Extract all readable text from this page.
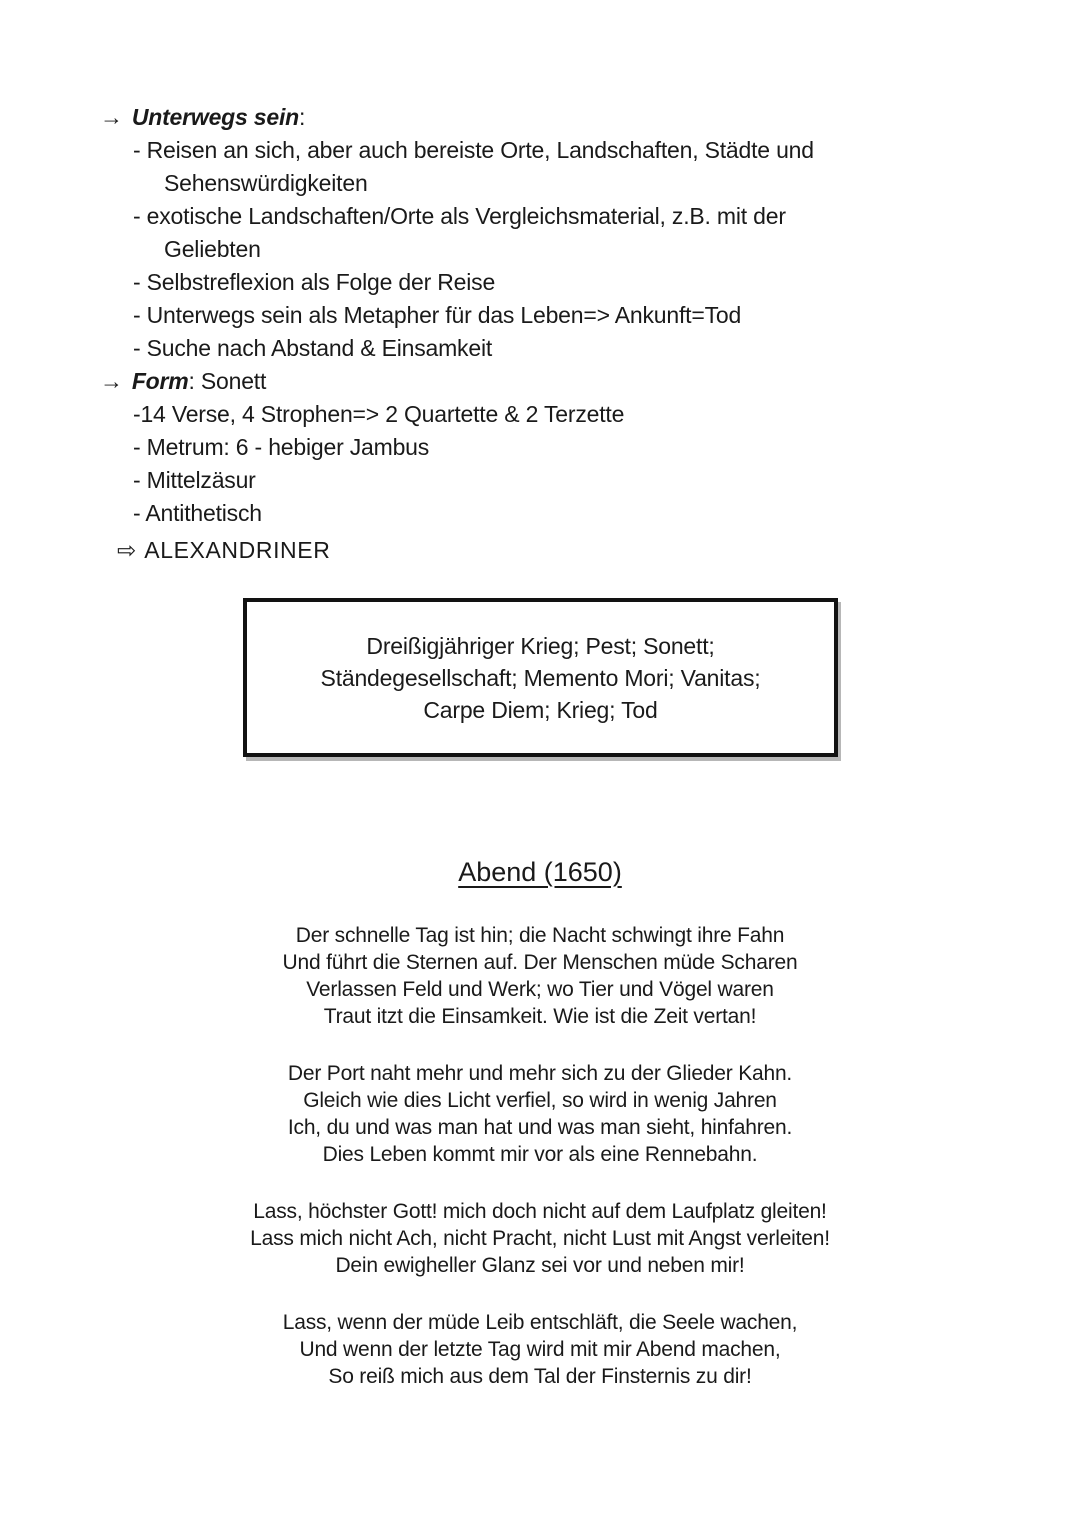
→ Unterwegs sein:
- Reisen an sich, aber auch bereiste Orte, Landschaften, Städte und
Sehenswürdigkeiten
- exotische Landschaften/Orte als Vergleichsmaterial, z.B. mit der
Geliebten
- Selbstreflexion als Folge der Reise
- Unterwegs sein als Metapher für das Leben=> Ankunft=Tod
- Suche nach Abstand & Einsamkeit
→ Form: Sonett
-14 Verse, 4 Strophen=> 2 Quartette & 2 Terzette
- Metrum: 6 - hebiger Jambus
- Mittelzäsur
- Antithetisch
⇨ ALEXANDRINER
Dreißigjähriger Krieg; Pest; Sonett;
Ständegesellschaft; Memento Mori; Vanitas;
Carpe Diem; Krieg; Tod
Abend (1650)
Der schnelle Tag ist hin; die Nacht schwingt ihre Fahn
Und führt die Sternen auf. Der Menschen müde Scharen
Verlassen Feld und Werk; wo Tier und Vögel waren
Traut itzt die Einsamkeit. Wie ist die Zeit vertan!
Der Port naht mehr und mehr sich zu der Glieder Kahn.
Gleich wie dies Licht verfiel, so wird in wenig Jahren
Ich, du und was man hat und was man sieht, hinfahren.
Dies Leben kommt mir vor als eine Rennebahn.
Lass, höchster Gott! mich doch nicht auf dem Laufplatz gleiten!
Lass mich nicht Ach, nicht Pracht, nicht Lust mit Angst verleiten!
Dein ewigheller Glanz sei vor und neben mir!
Lass, wenn der müde Leib entschläft, die Seele wachen,
Und wenn der letzte Tag wird mit mir Abend machen,
So reiß mich aus dem Tal der Finsternis zu dir!
